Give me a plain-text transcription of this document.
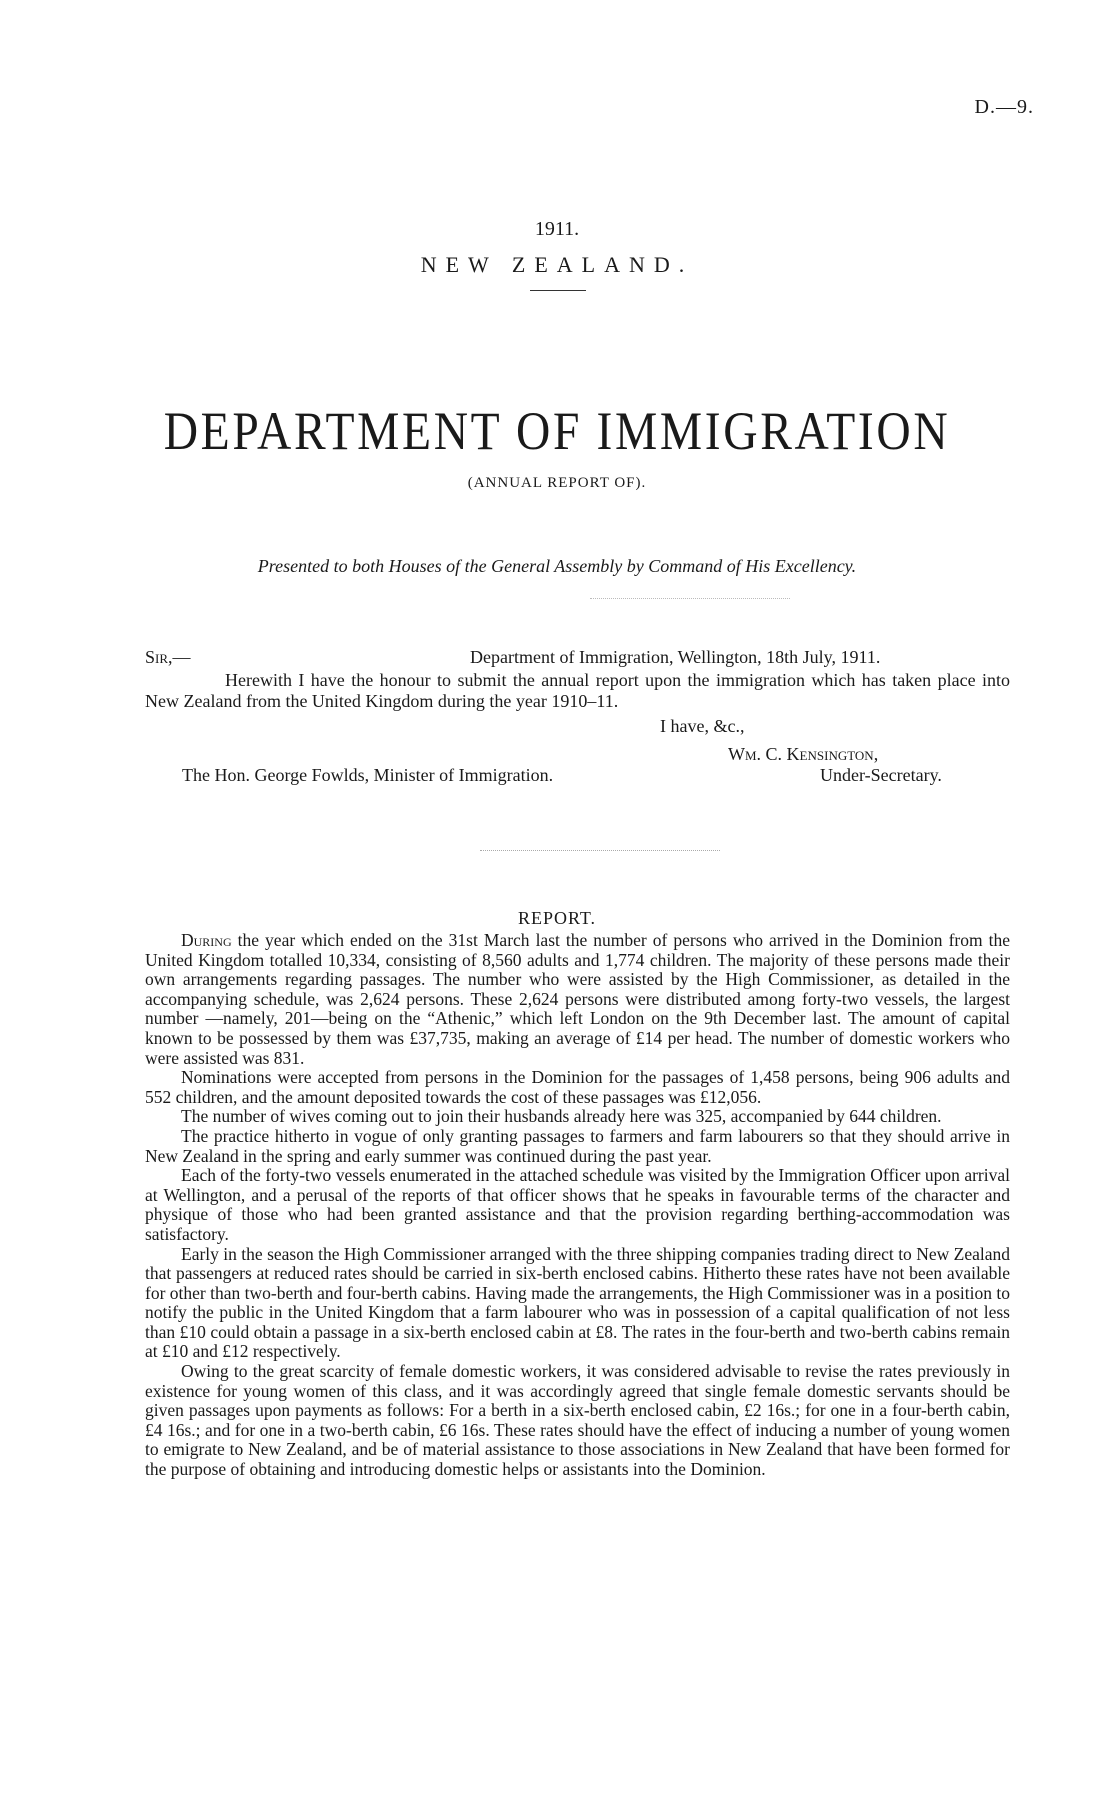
D.—9.
1911.
NEW ZEALAND.
DEPARTMENT OF IMMIGRATION
(ANNUAL REPORT OF).
Presented to both Houses of the General Assembly by Command of His Excellency.
Sir,—	Department of Immigration, Wellington, 18th July, 1911.
Herewith I have the honour to submit the annual report upon the immigration which has taken place into New Zealand from the United Kingdom during the year 1910–11.
I have, &c.,
Wm. C. Kensington,
The Hon. George Fowlds, Minister of Immigration.	Under-Secretary.
REPORT.

During the year which ended on the 31st March last the number of persons who arrived in the Dominion from the United Kingdom totalled 10,334, consisting of 8,560 adults and 1,774 children. The majority of these persons made their own arrangements regarding passages. The number who were assisted by the High Commissioner, as detailed in the accompanying schedule, was 2,624 persons. These 2,624 persons were distributed among forty-two vessels, the largest number —namely, 201—being on the “Athenic,” which left London on the 9th December last. The amount of capital known to be possessed by them was £37,735, making an average of £14 per head. The number of domestic workers who were assisted was 831.

Nominations were accepted from persons in the Dominion for the passages of 1,458 persons, being 906 adults and 552 children, and the amount deposited towards the cost of these passages was £12,056.

The number of wives coming out to join their husbands already here was 325, accompanied by 644 children.

The practice hitherto in vogue of only granting passages to farmers and farm labourers so that they should arrive in New Zealand in the spring and early summer was continued during the past year.

Each of the forty-two vessels enumerated in the attached schedule was visited by the Immigration Officer upon arrival at Wellington, and a perusal of the reports of that officer shows that he speaks in favourable terms of the character and physique of those who had been granted assistance and that the provision regarding berthing-accommodation was satisfactory.

Early in the season the High Commissioner arranged with the three shipping companies trading direct to New Zealand that passengers at reduced rates should be carried in six-berth enclosed cabins. Hitherto these rates have not been available for other than two-berth and four-berth cabins. Having made the arrangements, the High Commissioner was in a position to notify the public in the United Kingdom that a farm labourer who was in possession of a capital qualification of not less than £10 could obtain a passage in a six-berth enclosed cabin at £8. The rates in the four-berth and two-berth cabins remain at £10 and £12 respectively.

Owing to the great scarcity of female domestic workers, it was considered advisable to revise the rates previously in existence for young women of this class, and it was accordingly agreed that single female domestic servants should be given passages upon payments as follows: For a berth in a six-berth enclosed cabin, £2 16s.; for one in a four-berth cabin, £4 16s.; and for one in a two-berth cabin, £6 16s. These rates should have the effect of inducing a number of young women to emigrate to New Zealand, and be of material assistance to those associations in New Zealand that have been formed for the purpose of obtaining and introducing domestic helps or assistants into the Dominion.
